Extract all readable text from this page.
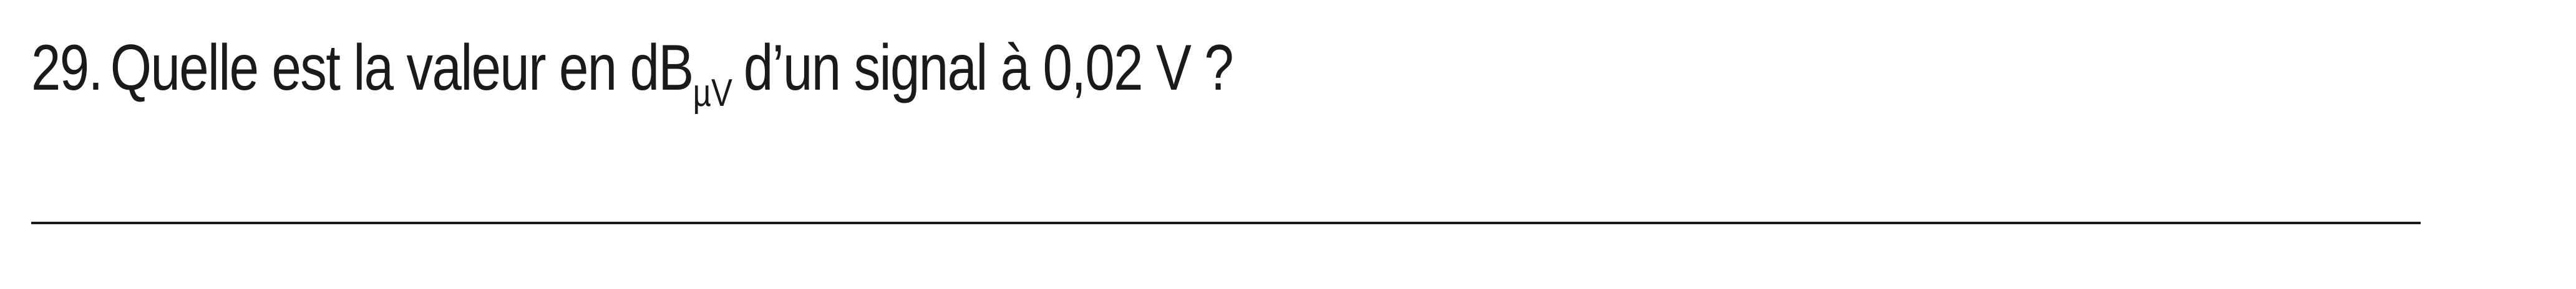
29. Quelle est la valeur en $dB_{\mu V}$ d’un signal à 0,02 V ?
